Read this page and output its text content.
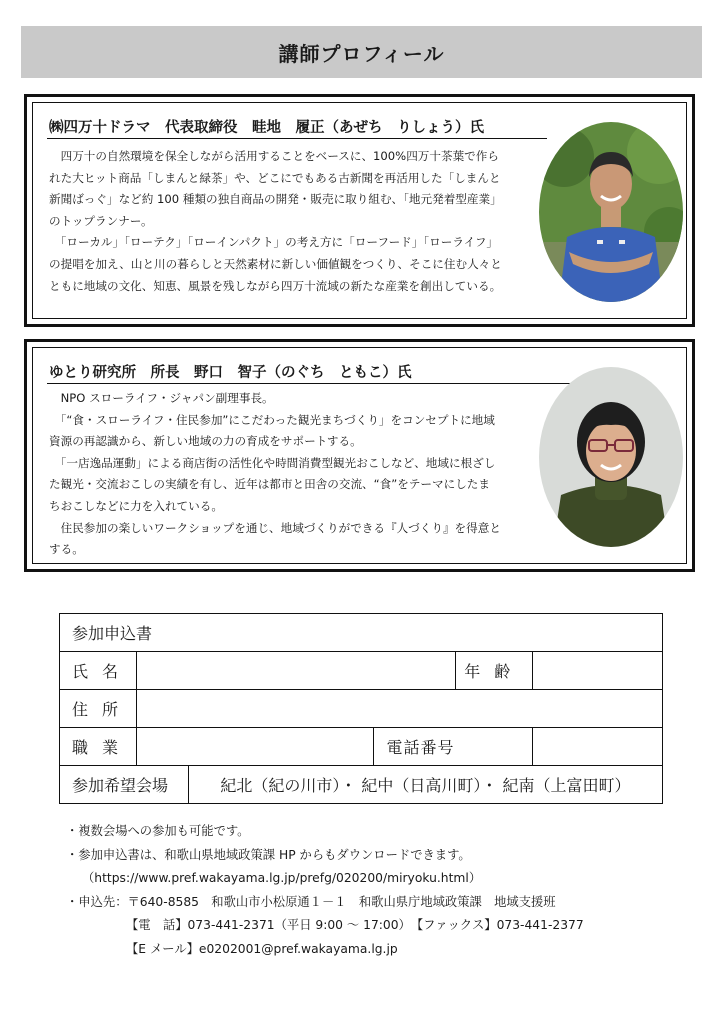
講師プロフィール
㈱四万十ドラマ　代表取締役　畦地　履正（あぜち　りしょう）氏

　四万十の自然環境を保全しながら活用することをベースに、100%四万十茶葉で作ら

れた大ヒット商品「しまんと緑茶」や、どこにでもある古新聞を再活用した「しまんと

新聞ばっぐ」など約 100 種類の独自商品の開発・販売に取り組む、「地元発着型産業」

のトップランナー。

　「ローカル」「ローテク」「ローインパクト」の考え方に「ローフード」「ローライフ」

の提唱を加え、山と川の暮らしと天然素材に新しい価値観をつくり、そこに住む人々と

ともに地域の文化、知恵、風景を残しながら四万十流域の新たな産業を創出している。

ゆとり研究所　所長　野口　智子（のぐち　ともこ）氏

　NPO スローライフ・ジャパン副理事長。

　「“食・スローライフ・住民参加”にこだわった観光まちづくり」をコンセプトに地域

資源の再認識から、新しい地域の力の育成をサポートする。

　「一店逸品運動」による商店街の活性化や時間消費型観光おこしなど、地域に根ざし

た観光・交流おこしの実績を有し、近年は都市と田舎の交流、“食”をテーマにしたま

ちおこしなどに力を入れている。

　住民参加の楽しいワークショップを通じ、地域づくりができる『人づくり』を得意と

する。

参加申込書					
氏名				年齢	
住所					
職業			電話番号		
参加希望会場		紀北（紀の川市）・ 紀中（日高川町）・ 紀南（上富田町）			
・複数会場への参加も可能です。
・参加申込書は、和歌山県地域政策課 HP からもダウンロードできます。
（https://www.pref.wakayama.lg.jp/prefg/020200/miryoku.html）
・申込先：〒640-8585　和歌山市小松原通１－１　和歌山県庁地域政策課　地域支援班
【電　話】073-441-2371（平日 9:00 ～ 17:00）　【ファックス】073-441-2377
【E メール】e0202001@pref.wakayama.lg.jp
